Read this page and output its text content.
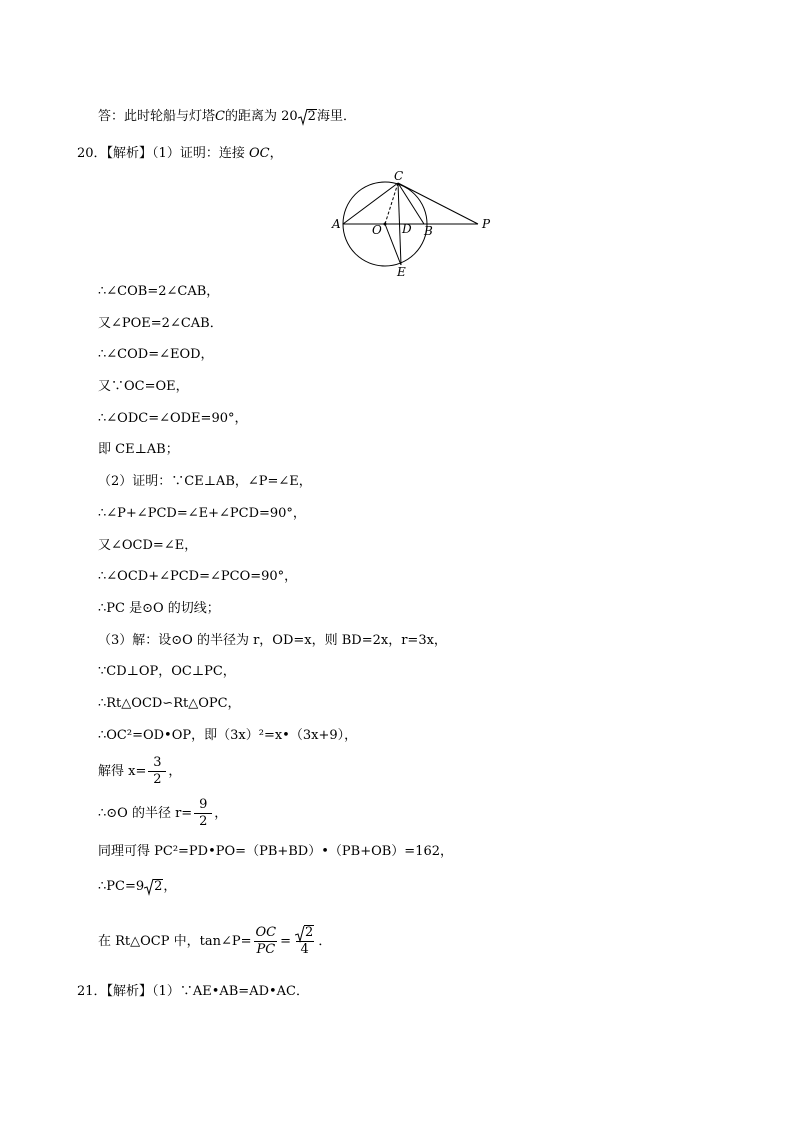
答：此时轮船与灯塔C的距离为 20 2海里．
20．【解析】（1）证明：连接 OC，
A	O D B	P
C
E
∴∠COB=2∠CAB，
又∠POE=2∠CAB．
∴∠COD=∠EOD，
又∵OC=OE，
∴∠ODC=∠ODE=90°，
即 CE⊥AB；
（2）证明：∵CE⊥AB，∠P=∠E，
∴∠P+∠PCD=∠E+∠PCD=90°，
又∠OCD=∠E，
∴∠OCD+∠PCD=∠PCO=90°，
∴PC 是⊙O 的切线；
（3）解：设⊙O 的半径为 r，OD=x，则 BD=2x，r=3x，
∵CD⊥OP，OC⊥PC，
∴Rt△OCD∽Rt△OPC，
∴OC²=OD•OP，即（3x）²=x•（3x+9），
解得 $x= \frac{3}{2}$ ，
∴⊙O 的半径 $r= \frac{9}{2}$ ，
同理可得 PC²=PD•PO=（PB+BD）•（PB+OB）=162，
∴PC=9 2，
在 Rt△OCP 中，tan∠P= $\frac{OC}{PC} = \frac{2}{4}$ ．
21．【解析】（1）∵AE•AB=AD•AC．
